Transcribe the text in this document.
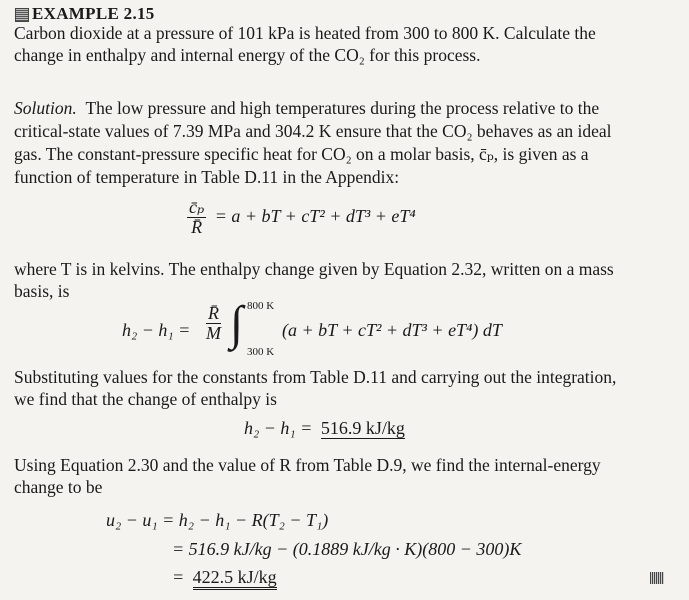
EXAMPLE 2.15
Carbon dioxide at a pressure of 101 kPa is heated from 300 to 800 K. Calculate the
change in enthalpy and internal energy of the CO₂ for this process.
Solution. The low pressure and high temperatures during the process relative to the
critical-state values of 7.39 MPa and 304.2 K ensure that the CO₂ behaves as an ideal
gas. The constant-pressure specific heat for CO₂ on a molar basis, c̄ₚ, is given as a
function of temperature in Table D.11 in the Appendix:
$\frac{\text{c̄ₚ}}{R̄} = a$ + bT + cT² + dT³ + eT⁴
where T is in kelvins. The enthalpy change given by Equation 2.32, written on a mass
basis, is
$h_2 - h_1 = \frac{R̄}{M}$ ∫ 800 K
300 K
(a + bT + cT² + dT³ + eT⁴) dT
Substituting values for the constants from Table D.11 and carrying out the integration,
we find that the change of enthalpy is
h₂ − h₁ = 516.9 kJ/kg
Using Equation 2.30 and the value of R from Table D.9, we find the internal-energy
change to be
u₂ − u₁ = h₂ − h₁ − R(T₂ − T₁)
= 516.9 kJ/kg − (0.1889 kJ/kg · K)(800 − 300)K
= 422.5 kJ/kg
